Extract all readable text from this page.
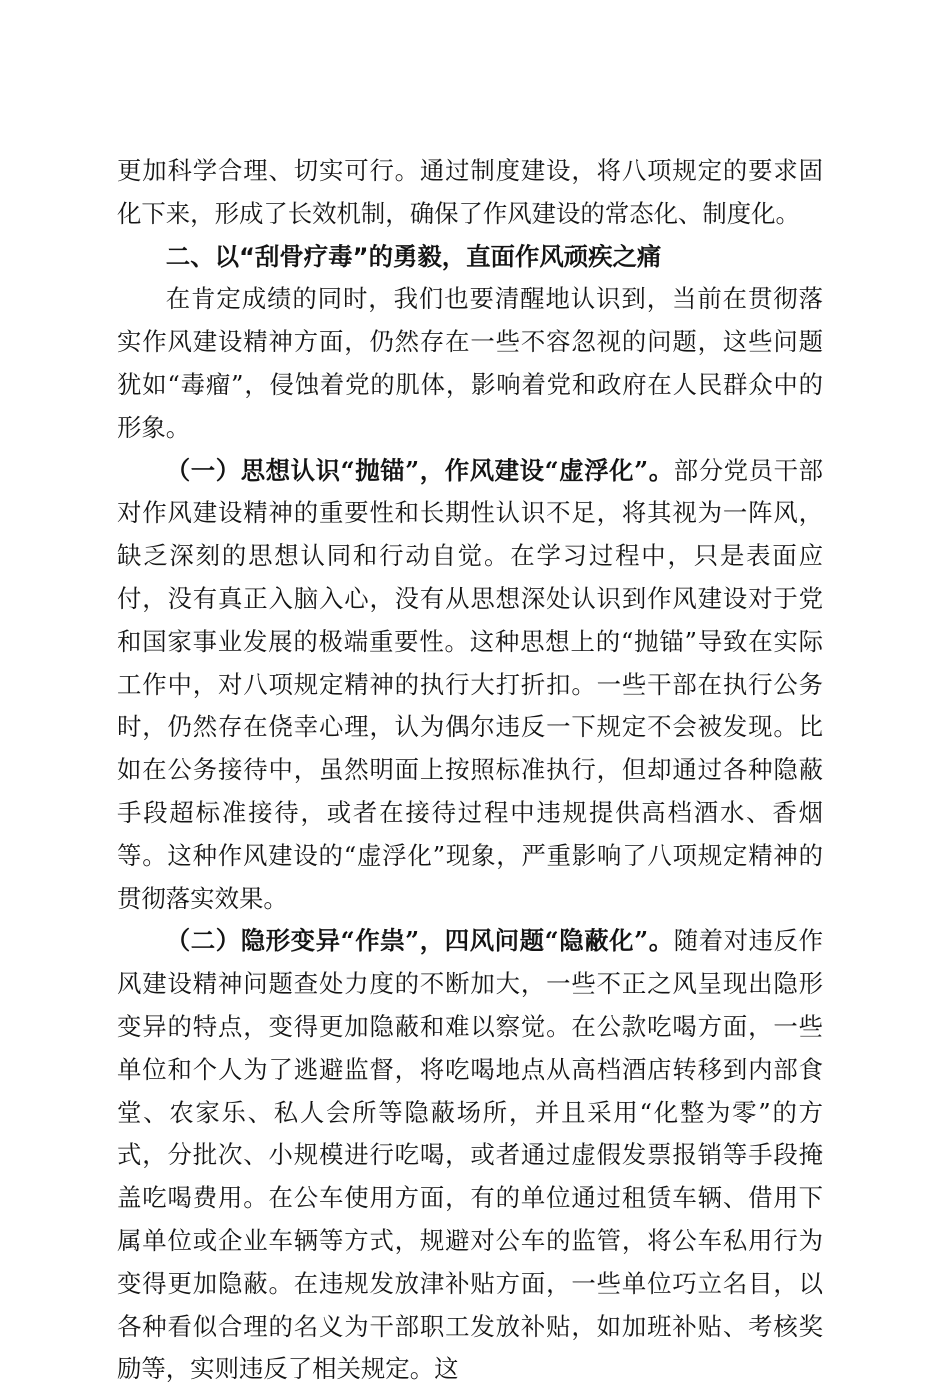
更加科学合理、切实可行。通过制度建设，将八项规定的要求固化下来，形成了长效机制，确保了作风建设的常态化、制度化。

二、以“刮骨疗毒”的勇毅，直面作风顽疾之痛

在肯定成绩的同时，我们也要清醒地认识到，当前在贯彻落实作风建设精神方面，仍然存在一些不容忽视的问题，这些问题犹如“毒瘤”，侵蚀着党的肌体，影响着党和政府在人民群众中的形象。

（一）思想认识“抛锚”，作风建设“虚浮化”。部分党员干部对作风建设精神的重要性和长期性认识不足，将其视为一阵风，缺乏深刻的思想认同和行动自觉。在学习过程中，只是表面应付，没有真正入脑入心，没有从思想深处认识到作风建设对于党和国家事业发展的极端重要性。这种思想上的“抛锚”导致在实际工作中，对八项规定精神的执行大打折扣。一些干部在执行公务时，仍然存在侥幸心理，认为偶尔违反一下规定不会被发现。比如在公务接待中，虽然明面上按照标准执行，但却通过各种隐蔽手段超标准接待，或者在接待过程中违规提供高档酒水、香烟等。这种作风建设的“虚浮化”现象，严重影响了八项规定精神的贯彻落实效果。

（二）隐形变异“作祟”，四风问题“隐蔽化”。随着对违反作风建设精神问题查处力度的不断加大，一些不正之风呈现出隐形变异的特点，变得更加隐蔽和难以察觉。在公款吃喝方面，一些单位和个人为了逃避监督，将吃喝地点从高档酒店转移到内部食堂、农家乐、私人会所等隐蔽场所，并且采用“化整为零”的方式，分批次、小规模进行吃喝，或者通过虚假发票报销等手段掩盖吃喝费用。在公车使用方面，有的单位通过租赁车辆、借用下属单位或企业车辆等方式，规避对公车的监管，将公车私用行为变得更加隐蔽。在违规发放津补贴方面，一些单位巧立名目，以各种看似合理的名义为干部职工发放补贴，如加班补贴、考核奖励等，实则违反了相关规定。这
